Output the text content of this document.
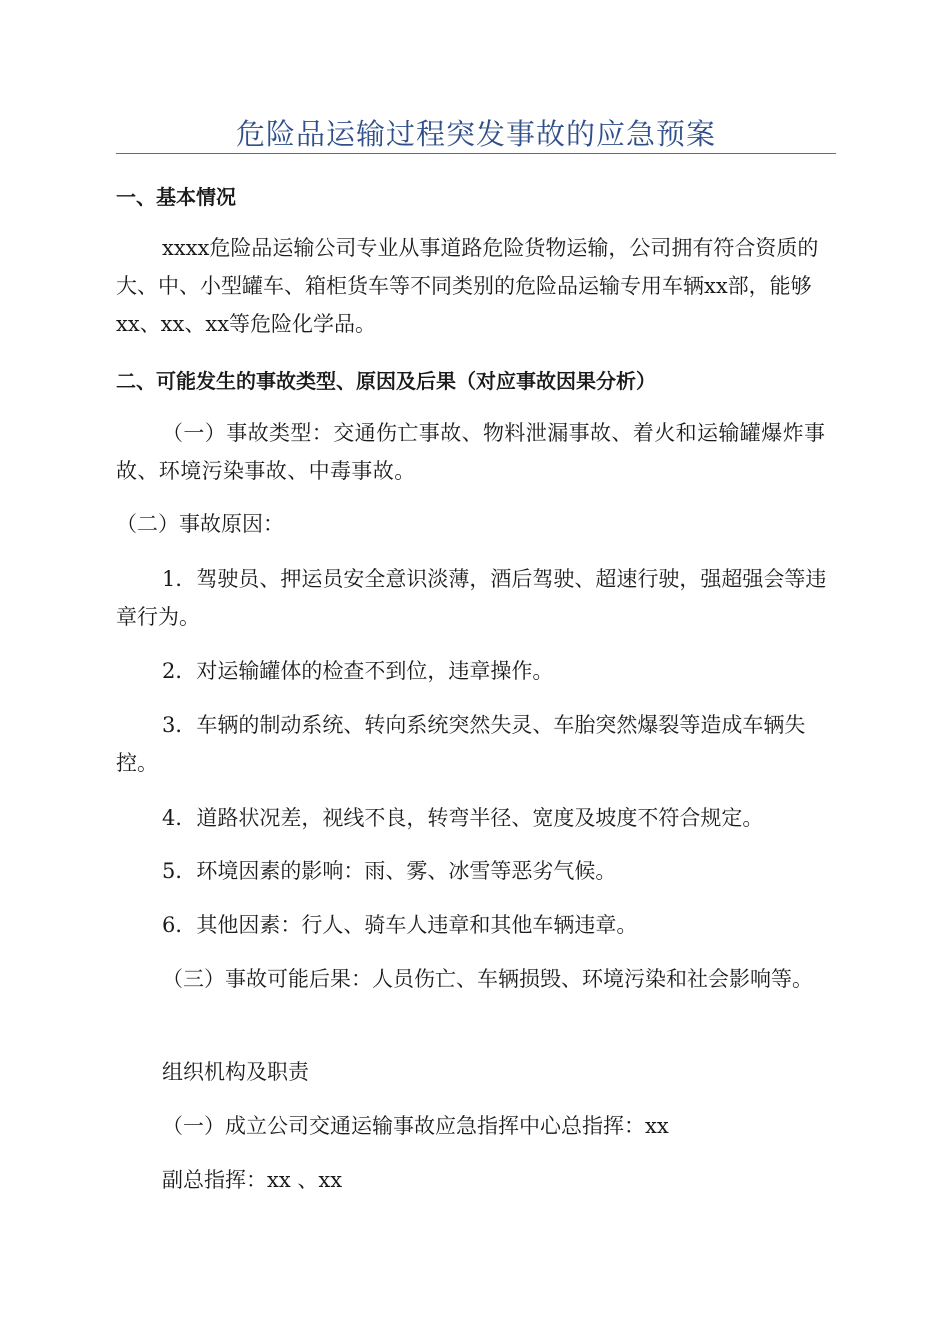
危险品运输过程突发事故的应急预案
一、基本情况
xxxx危险品运输公司专业从事道路危险货物运输，公司拥有符合资质的大、中、小型罐车、箱柜货车等不同类别的危险品运输专用车辆xx部，能够xx、xx、xx等危险化学品。
二、可能发生的事故类型、原因及后果（对应事故因果分析）
（一）事故类型：交通伤亡事故、物料泄漏事故、着火和运输罐爆炸事故、环境污染事故、中毒事故。
（二）事故原因：
1．驾驶员、押运员安全意识淡薄，酒后驾驶、超速行驶，强超强会等违章行为。
2．对运输罐体的检查不到位，违章操作。
3．车辆的制动系统、转向系统突然失灵、车胎突然爆裂等造成车辆失控。
4．道路状况差，视线不良，转弯半径、宽度及坡度不符合规定。
5．环境因素的影响：雨、雾、冰雪等恶劣气候。
6．其他因素：行人、骑车人违章和其他车辆违章。
（三）事故可能后果：人员伤亡、车辆损毁、环境污染和社会影响等。
组织机构及职责
（一）成立公司交通运输事故应急指挥中心总指挥：xx
副总指挥：xx 、xx
